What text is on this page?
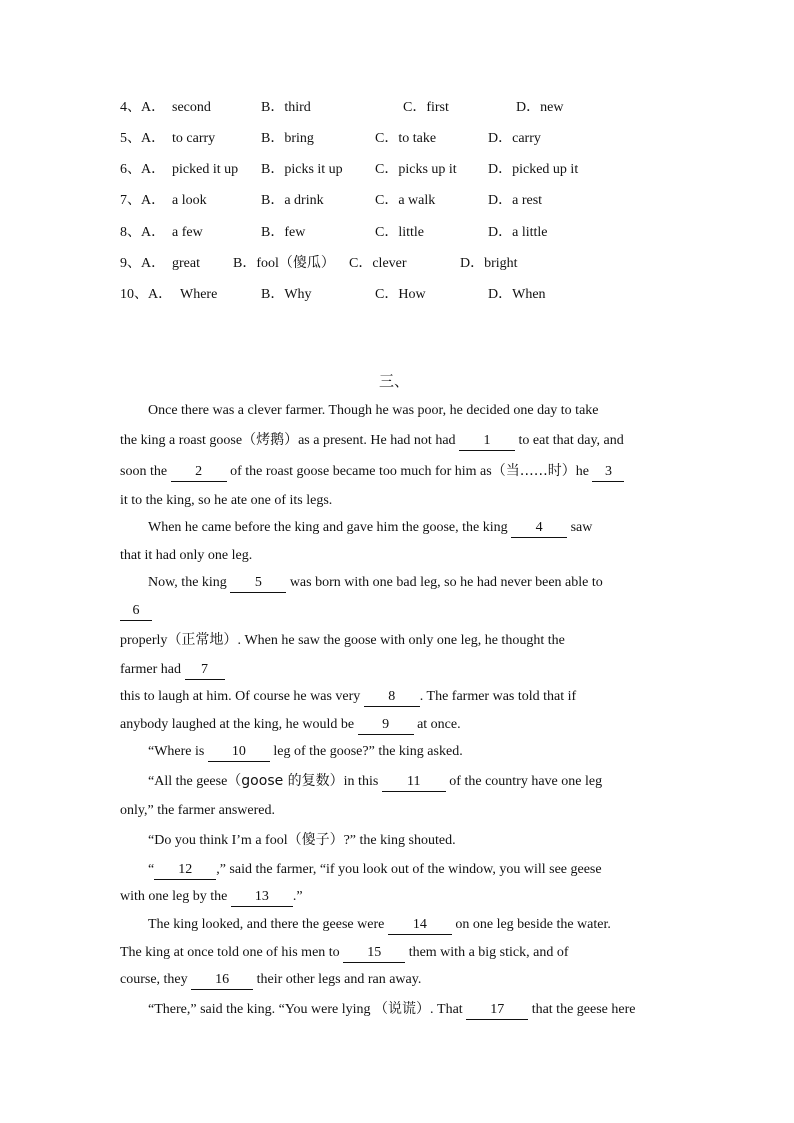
4、A． second	B．third	C．first	D．new
5、A． to carry	B．bring	C．to take	D．carry
6、A． picked it up B．picks it up C．picks up it D．picked up it
7、A． a look	B．a drink	C．a walk	D．a rest
8、A． a few	B．few	C．little	D．a little
9、A． great B．fool（傻瓜） C．clever	D．bright
10、A． Where	B．Why	C．How	D．When
三、
Once there was a clever farmer. Though he was poor, he decided one day to take
the king a roast goose（烤鹅）as a present. He had not had 1 to eat that day, and
soon the 2 of the roast goose became too much for him as（当……时）he 3
it to the king, so he ate one of its legs.
When he came before the king and gave him the goose, the king 4 saw
that it had only one leg.
Now, the king 5 was born with one bad leg, so he had never been able to
6
properly（正常地）. When he saw the goose with only one leg, he thought the
farmer had 7
this to laugh at him. Of course he was very 8 . The farmer was told that if
anybody laughed at the king, he would be 9 at once.
“Where is 10 leg of the goose?” the king asked.
“All the geese（goose 的复数）in this 11 of the country have one leg
only,” the farmer answered.
“Do you think I’m a fool（傻子）?” the king shouted.
“ 12 ,” said the farmer, “if you look out of the window, you will see geese
with one leg by the 13 .”
The king looked, and there the geese were 14 on one leg beside the water.
The king at once told one of his men to 15 them with a big stick, and of
course, they 16 their other legs and ran away.
“There,” said the king. “You were lying （说谎）. That 17 that the geese here
